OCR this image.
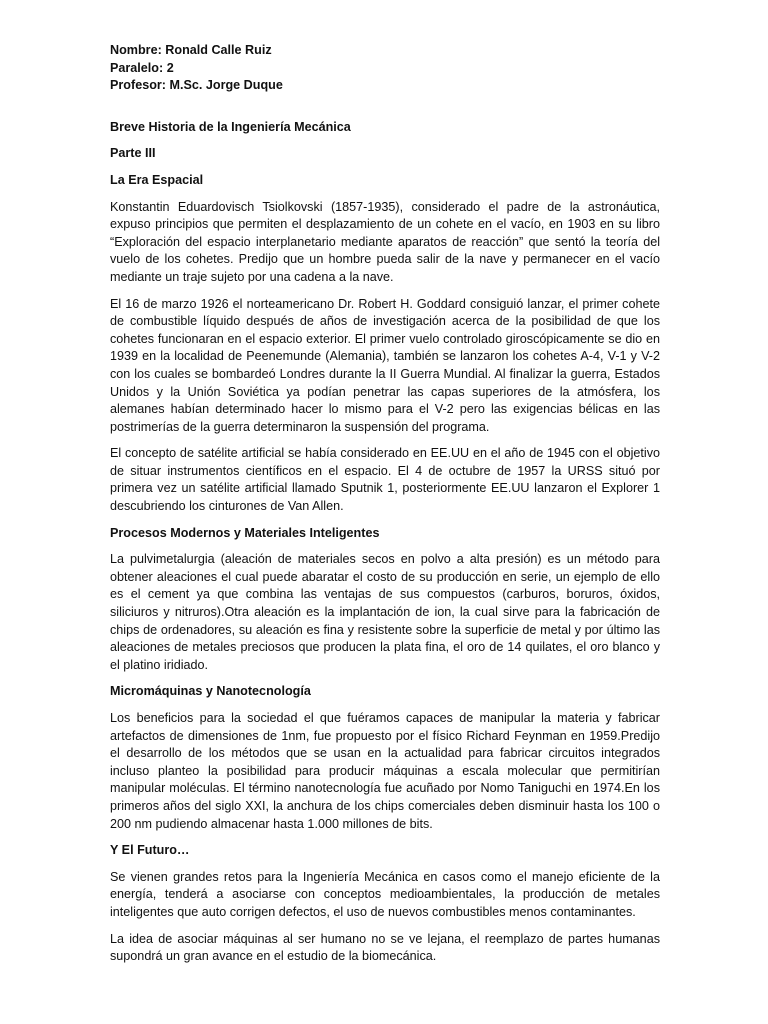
Nombre: Ronald Calle Ruiz

Paralelo: 2

Profesor: M.Sc. Jorge Duque

Breve Historia de la Ingeniería Mecánica

Parte III

La Era Espacial

Konstantin Eduardovisch Tsiolkovski (1857-1935), considerado el padre de la astronáutica, expuso principios que permiten el desplazamiento de un cohete en el vacío, en 1903 en su libro “Exploración del espacio interplanetario mediante aparatos de reacción” que sentó la teoría del vuelo de los cohetes. Predijo que un hombre pueda salir de la nave y permanecer en el vacío mediante un traje sujeto por una cadena a la nave.

El 16 de marzo 1926 el norteamericano Dr. Robert H. Goddard consiguió lanzar, el primer cohete de combustible líquido después de años de investigación acerca de la posibilidad de que los cohetes funcionaran en el espacio exterior. El primer vuelo controlado giroscópicamente se dio en 1939 en la localidad de Peenemunde (Alemania), también se lanzaron los cohetes A-4, V-1 y V-2 con los cuales se bombardeó Londres durante la II Guerra Mundial. Al finalizar la guerra, Estados Unidos y la Unión Soviética ya podían penetrar las capas superiores de la atmósfera, los alemanes habían determinado hacer lo mismo para el V-2 pero las exigencias bélicas en las postrimerías de la guerra determinaron la suspensión del programa.

El concepto de satélite artificial se había considerado en EE.UU en el año de 1945 con el objetivo de situar instrumentos científicos en el espacio. El 4 de octubre de 1957 la URSS situó por primera vez un satélite artificial llamado Sputnik 1, posteriormente EE.UU lanzaron el Explorer 1 descubriendo los cinturones de Van Allen.

Procesos Modernos y Materiales Inteligentes

La pulvimetalurgia (aleación de materiales secos en polvo a alta presión) es un método para obtener aleaciones el cual puede abaratar el costo de su producción en serie, un ejemplo de ello es el cement ya que combina las ventajas de sus compuestos (carburos, boruros, óxidos, siliciuros y nitruros).Otra aleación es la implantación de ion, la cual sirve para la fabricación de chips de ordenadores, su aleación es fina y resistente sobre la superficie de metal y por último las aleaciones de metales preciosos que producen la plata fina, el oro de 14 quilates, el oro blanco y el platino iridiado.

Micromáquinas y Nanotecnología

Los beneficios para la sociedad el que fuéramos capaces de manipular la materia y fabricar artefactos de dimensiones de 1nm, fue propuesto por el físico Richard Feynman en 1959.Predijo el desarrollo de los métodos que se usan en la actualidad para fabricar circuitos integrados incluso planteo la posibilidad para producir máquinas a escala molecular que permitirían manipular moléculas. El término nanotecnología fue acuñado por Nomo Taniguchi en 1974.En los primeros años del siglo XXI, la anchura de los chips comerciales deben disminuir hasta los 100 o 200 nm pudiendo almacenar hasta 1.000 millones de bits.

Y El Futuro…

Se vienen grandes retos para la Ingeniería Mecánica en casos como el manejo eficiente de la energía, tenderá a asociarse con conceptos medioambientales, la producción de metales inteligentes que auto corrigen defectos, el uso de nuevos combustibles menos contaminantes.

La idea de asociar máquinas al ser humano no se ve lejana, el reemplazo de partes humanas supondrá un gran avance en el estudio de la biomecánica.
